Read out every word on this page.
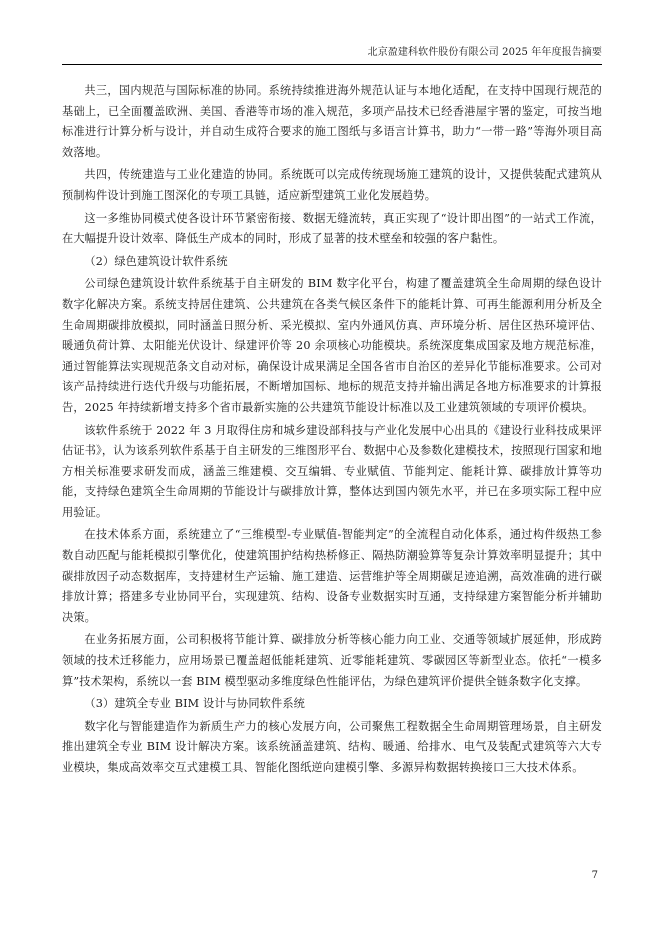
北京盈建科软件股份有限公司 2025 年年度报告摘要

共三，国内规范与国际标准的协同。系统持续推进海外规范认证与本地化适配，在支持中国现行规范的基础上，已全面覆盖欧洲、美国、香港等市场的准入规范，多项产品技术已经香港屋宇署的鉴定，可按当地标准进行计算分析与设计，并自动生成符合要求的施工图纸与多语言计算书，助力“一带一路”等海外项目高效落地。

共四，传统建造与工业化建造的协同。系统既可以完成传统现场施工建筑的设计，又提供装配式建筑从预制构件设计到施工图深化的专项工具链，适应新型建筑工业化发展趋势。

这一多维协同模式使各设计环节紧密衔接、数据无缝流转，真正实现了“设计即出图”的一站式工作流，在大幅提升设计效率、降低生产成本的同时，形成了显著的技术壁垒和较强的客户黏性。

（2）绿色建筑设计软件系统

公司绿色建筑设计软件系统基于自主研发的 BIM 数字化平台，构建了覆盖建筑全生命周期的绿色设计数字化解决方案。系统支持居住建筑、公共建筑在各类气候区条件下的能耗计算、可再生能源利用分析及全生命周期碳排放模拟，同时涵盖日照分析、采光模拟、室内外通风仿真、声环境分析、居住区热环境评估、暖通负荷计算、太阳能光伏设计、绿建评价等 20 余项核心功能模块。系统深度集成国家及地方规范标准，通过智能算法实现规范条文自动对标，确保设计成果满足全国各省市自治区的差异化节能标准要求。公司对该产品持续进行迭代升级与功能拓展，不断增加国标、地标的规范支持并输出满足各地方标准要求的计算报告，2025 年持续新增支持多个省市最新实施的公共建筑节能设计标准以及工业建筑领域的专项评价模块。

该软件系统于 2022 年 3 月取得住房和城乡建设部科技与产业化发展中心出具的《建设行业科技成果评估证书》，认为该系列软件系基于自主研发的三维图形平台、数据中心及参数化建模技术，按照现行国家和地方相关标准要求研发而成，涵盖三维建模、交互编辑、专业赋值、节能判定、能耗计算、碳排放计算等功能，支持绿色建筑全生命周期的节能设计与碳排放计算，整体达到国内领先水平，并已在多项实际工程中应用验证。

在技术体系方面，系统建立了“三维模型-专业赋值-智能判定”的全流程自动化体系，通过构件级热工参数自动匹配与能耗模拟引擎优化，使建筑围护结构热桥修正、隔热防潮验算等复杂计算效率明显提升；其中碳排放因子动态数据库，支持建材生产运输、施工建造、运营维护等全周期碳足迹追溯，高效准确的进行碳排放计算；搭建多专业协同平台，实现建筑、结构、设备专业数据实时互通，支持绿建方案智能分析并辅助决策。

在业务拓展方面，公司积极将节能计算、碳排放分析等核心能力向工业、交通等领域扩展延伸，形成跨领域的技术迁移能力，应用场景已覆盖超低能耗建筑、近零能耗建筑、零碳园区等新型业态。依托“一模多算”技术架构，系统以一套 BIM 模型驱动多维度绿色性能评估，为绿色建筑评价提供全链条数字化支撑。

（3）建筑全专业 BIM 设计与协同软件系统

数字化与智能建造作为新质生产力的核心发展方向，公司聚焦工程数据全生命周期管理场景，自主研发推出建筑全专业 BIM 设计解决方案。该系统涵盖建筑、结构、暖通、给排水、电气及装配式建筑等六大专业模块，集成高效率交互式建模工具、智能化图纸逆向建模引擎、多源异构数据转换接口三大技术体系。

7
